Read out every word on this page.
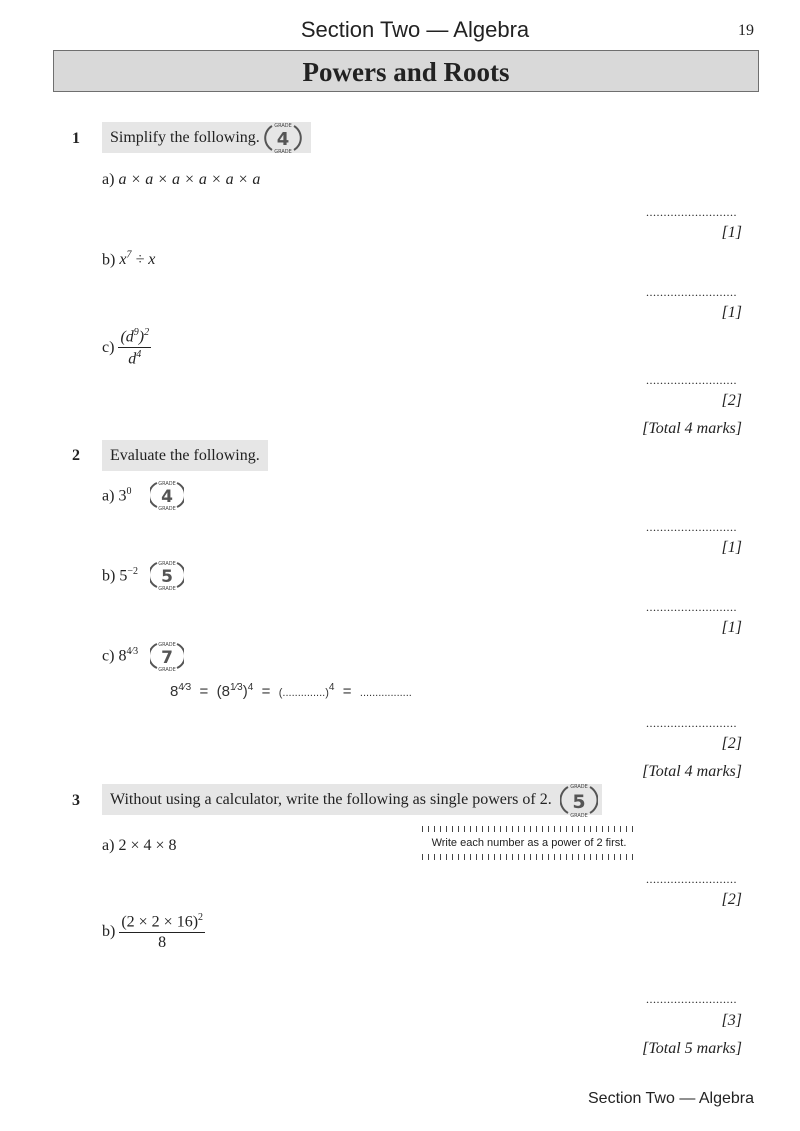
Section Two — Algebra	19
Powers and Roots
1	Simplify the following.
GRADE
GRADE
4
a) a × a × a × a × a × a
..........................
[1]
b) $x^7 \div x$
..........................
[1]
$c) \frac{(d^9)^2}{d^4}$
..........................
[2]
[Total 4 marks]
2	Evaluate the following.
a) $3^0$
GRADE
GRADE
4
..........................
[1]
b) $5^{-2}$
GRADE
GRADE
5
..........................
[1]
c) $8^{4⁄3}$
GRADE
GRADE
7
$8^{4⁄3} = (8^{1⁄3})^4 = (..............)^4$ = .................
..........................
[2]
[Total 4 marks]
3	Without using a calculator, write the following as single powers of 2.
GRADE
GRADE
5
Write each number as a power of 2 first.
a) 2 × 4 × 8
..........................
[2]
$b) \frac{(2 \times 2 \times 16)^2}{8}$
..........................
[3]
[Total 5 marks]
Section Two — Algebra
